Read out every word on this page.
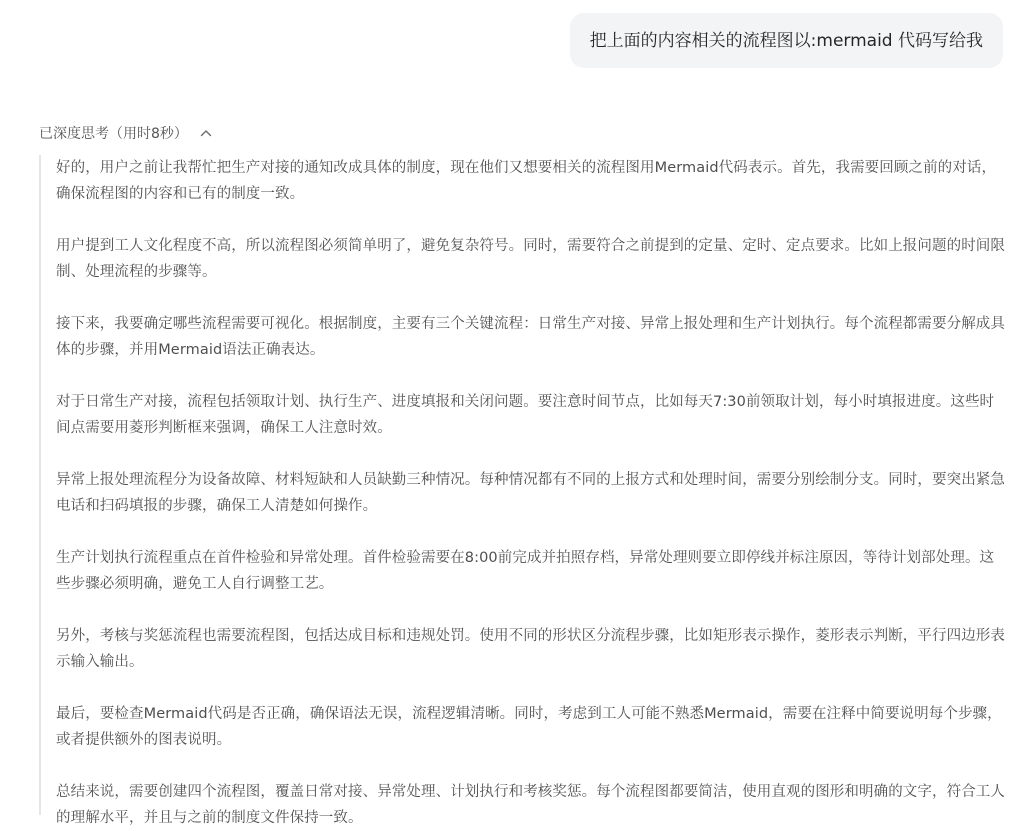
把上面的内容相关的流程图以:mermaid 代码写给我
已深度思考（用时8秒）

好的，用户之前让我帮忙把生产对接的通知改成具体的制度，现在他们又想要相关的流程图用Mermaid代码表示。首先，我需要回顾之前的对话，确保流程图的内容和已有的制度一致。

用户提到工人文化程度不高，所以流程图必须简单明了，避免复杂符号。同时，需要符合之前提到的定量、定时、定点要求。比如上报问题的时间限制、处理流程的步骤等。

接下来，我要确定哪些流程需要可视化。根据制度，主要有三个关键流程：日常生产对接、异常上报处理和生产计划执行。每个流程都需要分解成具体的步骤，并用Mermaid语法正确表达。

对于日常生产对接，流程包括领取计划、执行生产、进度填报和关闭问题。要注意时间节点，比如每天7:30前领取计划，每小时填报进度。这些时间点需要用菱形判断框来强调，确保工人注意时效。

异常上报处理流程分为设备故障、材料短缺和人员缺勤三种情况。每种情况都有不同的上报方式和处理时间，需要分别绘制分支。同时，要突出紧急电话和扫码填报的步骤，确保工人清楚如何操作。

生产计划执行流程重点在首件检验和异常处理。首件检验需要在8:00前完成并拍照存档，异常处理则要立即停线并标注原因，等待计划部处理。这些步骤必须明确，避免工人自行调整工艺。

另外，考核与奖惩流程也需要流程图，包括达成目标和违规处罚。使用不同的形状区分流程步骤，比如矩形表示操作，菱形表示判断，平行四边形表示输入输出。

最后，要检查Mermaid代码是否正确，确保语法无误，流程逻辑清晰。同时，考虑到工人可能不熟悉Mermaid，需要在注释中简要说明每个步骤，或者提供额外的图表说明。

总结来说，需要创建四个流程图，覆盖日常对接、异常处理、计划执行和考核奖惩。每个流程图都要简洁，使用直观的图形和明确的文字，符合工人的理解水平，并且与之前的制度文件保持一致。
